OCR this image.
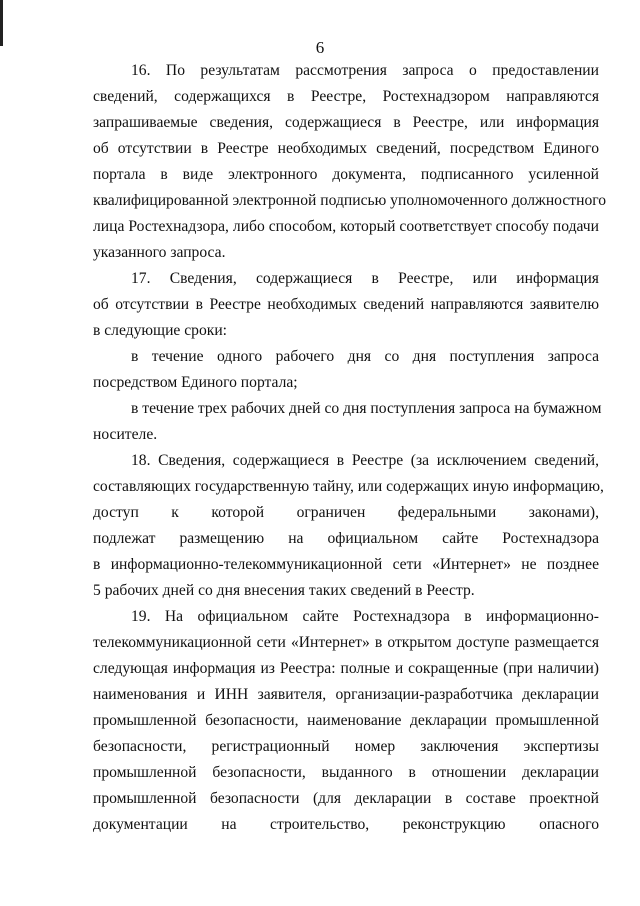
6
16. По результатам рассмотрения запроса о предоставлении
сведений, содержащихся в Реестре, Ростехнадзором направляются
запрашиваемые сведения, содержащиеся в Реестре, или информация
об отсутствии в Реестре необходимых сведений, посредством Единого
портала в виде электронного документа, подписанного усиленной
квалифицированной электронной подписью уполномоченного должностного
лица Ростехнадзора, либо способом, который соответствует способу подачи
указанного запроса.
17. Сведения, содержащиеся в Реестре, или информация
об отсутствии в Реестре необходимых сведений направляются заявителю
в следующие сроки:
в течение одного рабочего дня со дня поступления запроса
посредством Единого портала;
в течение трех рабочих дней со дня поступления запроса на бумажном
носителе.
18. Сведения, содержащиеся в Реестре (за исключением сведений,
составляющих государственную тайну, или содержащих иную информацию,
доступ к которой ограничен федеральными законами),
подлежат размещению на официальном сайте Ростехнадзора
в информационно-телекоммуникационной сети «Интернет» не позднее
5 рабочих дней со дня внесения таких сведений в Реестр.
19. На официальном сайте Ростехнадзора в информационно-
телекоммуникационной сети «Интернет» в открытом доступе размещается
следующая информация из Реестра: полные и сокращенные (при наличии)
наименования и ИНН заявителя, организации-разработчика декларации
промышленной безопасности, наименование декларации промышленной
безопасности, регистрационный номер заключения экспертизы
промышленной безопасности, выданного в отношении декларации
промышленной безопасности (для декларации в составе проектной
документации на строительство, реконструкцию опасного
